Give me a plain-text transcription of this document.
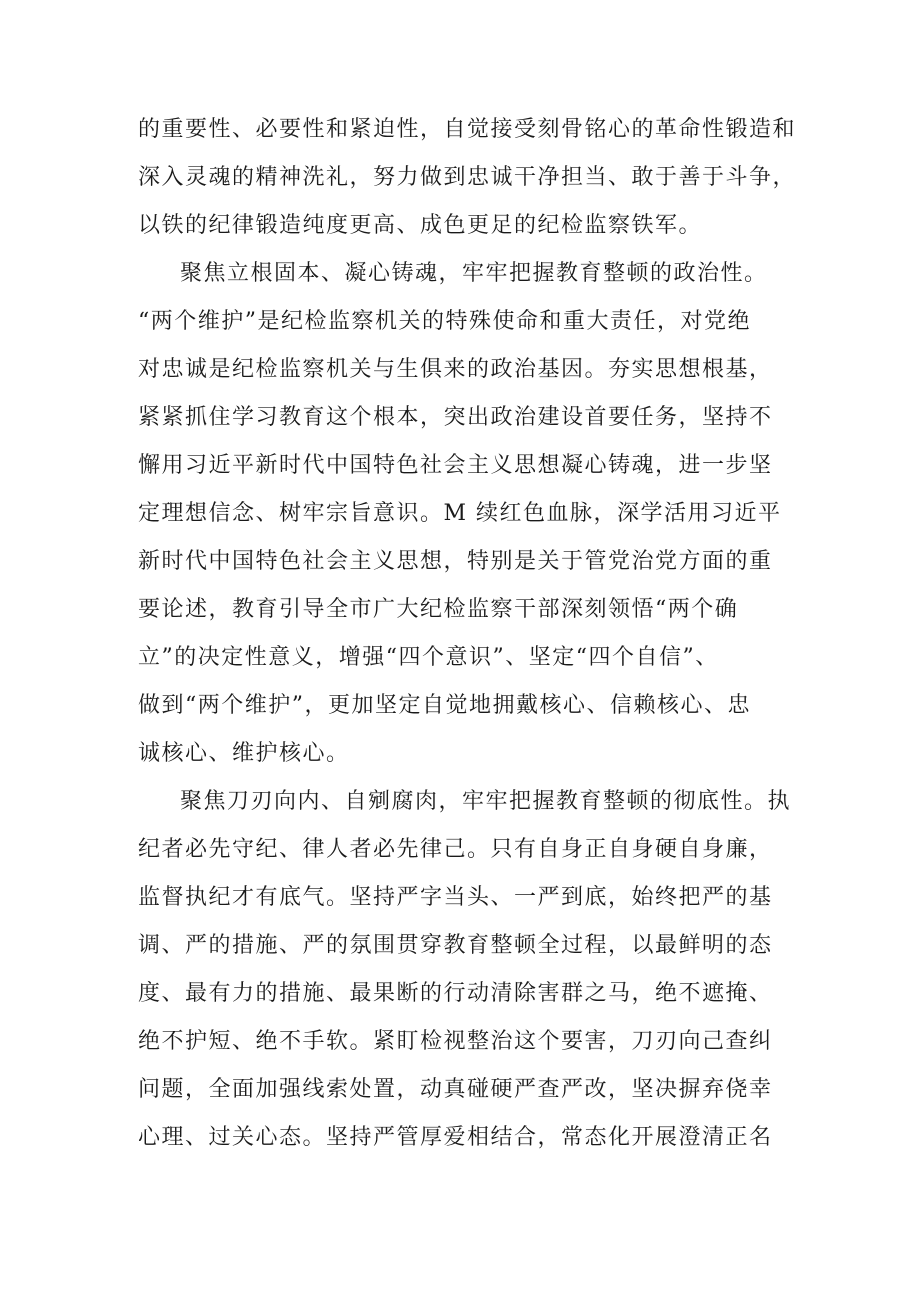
的重要性、必要性和紧迫性，自觉接受刻骨铭心的革命性锻造和
深入灵魂的精神洗礼，努力做到忠诚干净担当、敢于善于斗争，
以铁的纪律锻造纯度更高、成色更足的纪检监察铁军。
聚焦立根固本、凝心铸魂，牢牢把握教育整顿的政治性。
“两个维护”是纪检监察机关的特殊使命和重大责任，对党绝
对忠诚是纪检监察机关与生俱来的政治基因。夯实思想根基，
紧紧抓住学习教育这个根本，突出政治建设首要任务，坚持不
懈用习近平新时代中国特色社会主义思想凝心铸魂，进一步坚
定理想信念、树牢宗旨意识。M 续红色血脉，深学活用习近平
新时代中国特色社会主义思想，特别是关于管党治党方面的重
要论述，教育引导全市广大纪检监察干部深刻领悟“两个确
立”的决定性意义，增强“四个意识”、坚定“四个自信”、
做到“两个维护”，更加坚定自觉地拥戴核心、信赖核心、忠
诚核心、维护核心。
聚焦刀刃向内、自剜腐肉，牢牢把握教育整顿的彻底性。执
纪者必先守纪、律人者必先律己。只有自身正自身硬自身廉，
监督执纪才有底气。坚持严字当头、一严到底，始终把严的基
调、严的措施、严的氛围贯穿教育整顿全过程，以最鲜明的态
度、最有力的措施、最果断的行动清除害群之马，绝不遮掩、
绝不护短、绝不手软。紧盯检视整治这个要害，刀刃向己查纠
问题，全面加强线索处置，动真碰硬严查严改，坚决摒弃侥幸
心理、过关心态。坚持严管厚爱相结合，常态化开展澄清正名
